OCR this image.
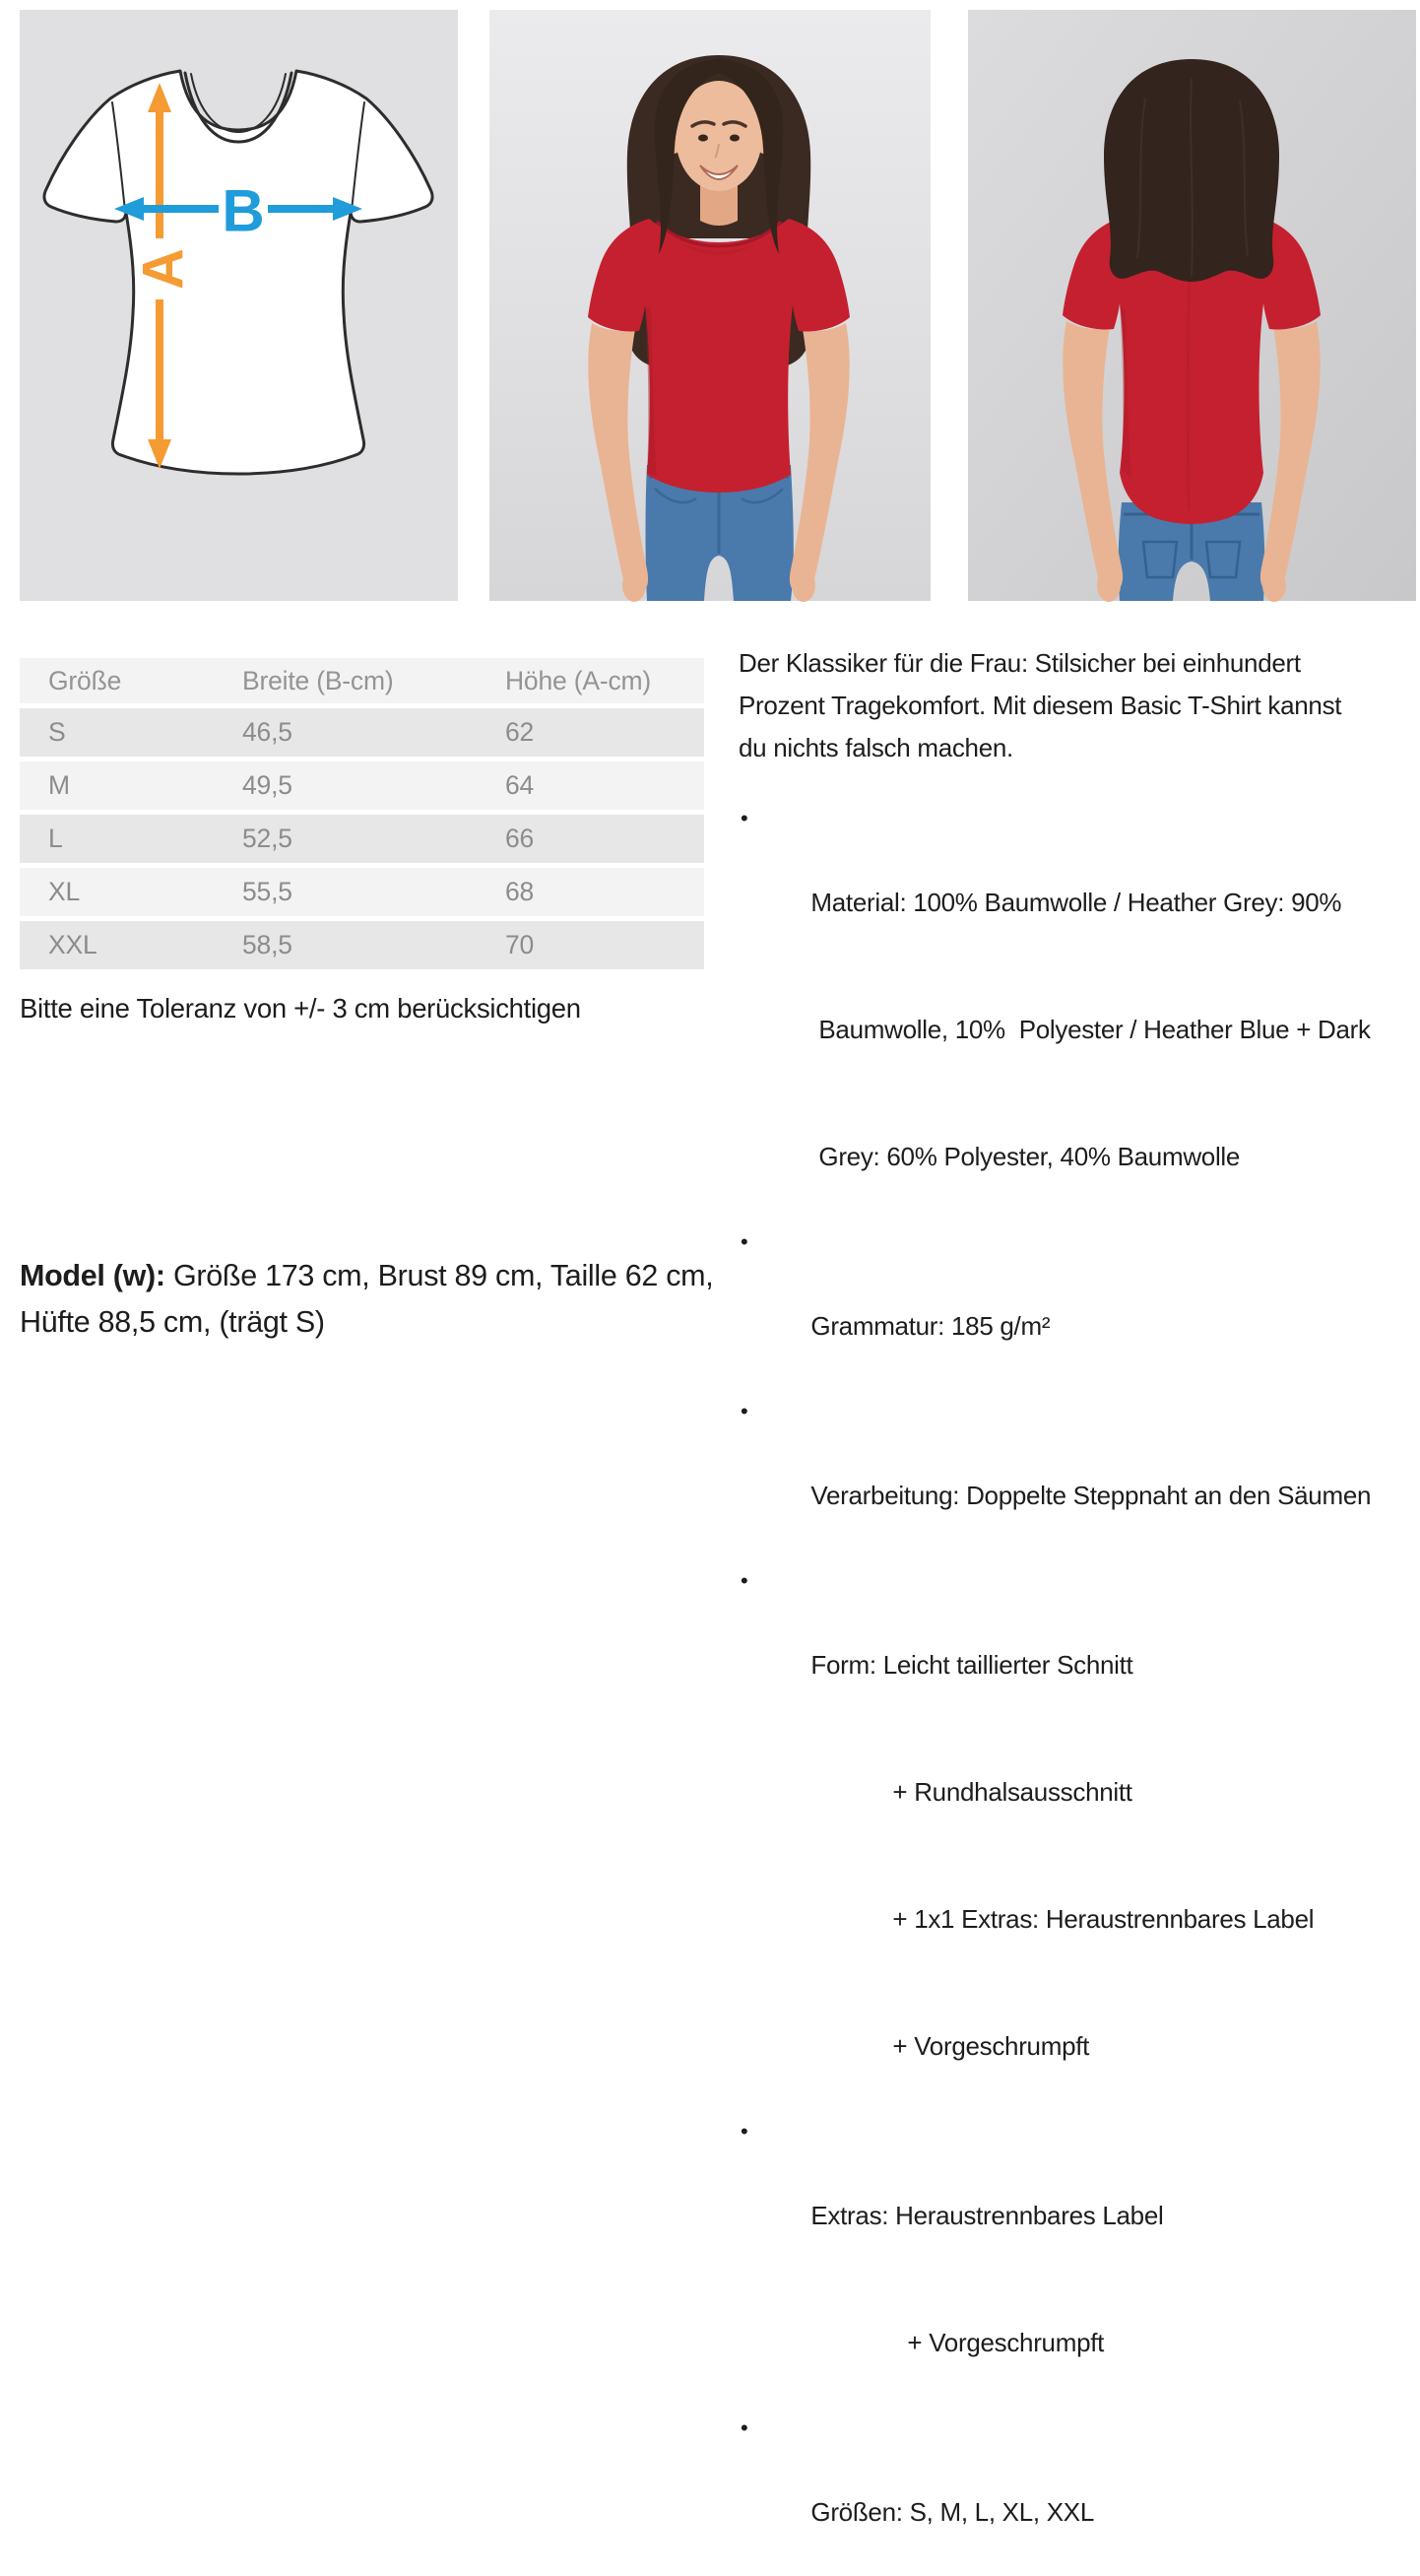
A
B
Größe	Breite (B-cm)	Höhe (A-cm)
S	46,5	62
M	49,5	64
L	52,5	66
XL	55,5	68
XXL	58,5	70
Bitte eine Toleranz von +/- 3 cm berücksichtigen
Der Klassiker für die Frau: Stilsicher bei einhundert
Prozent Tragekomfort. Mit diesem Basic T-Shirt kannst
du nichts falsch machen.

•

Material: 100% Baumwolle / Heather Grey: 90%

Baumwolle, 10%  Polyester / Heather Blue + Dark

Grey: 60% Polyester, 40% Baumwolle

•

Grammatur: 185 g/m²

•

Verarbeitung: Doppelte Steppnaht an den Säumen

•

Form: Leicht taillierter Schnitt

+ Rundhalsausschnitt

+ 1x1 Extras: Heraustrennbares Label

+ Vorgeschrumpft

•

Extras: Heraustrennbares Label

+ Vorgeschrumpft

•

Größen: S, M, L, XL, XXL

Model (w): Größe 173 cm, Brust 89 cm, Taille 62 cm,
Hüfte 88,5 cm, (trägt S)
